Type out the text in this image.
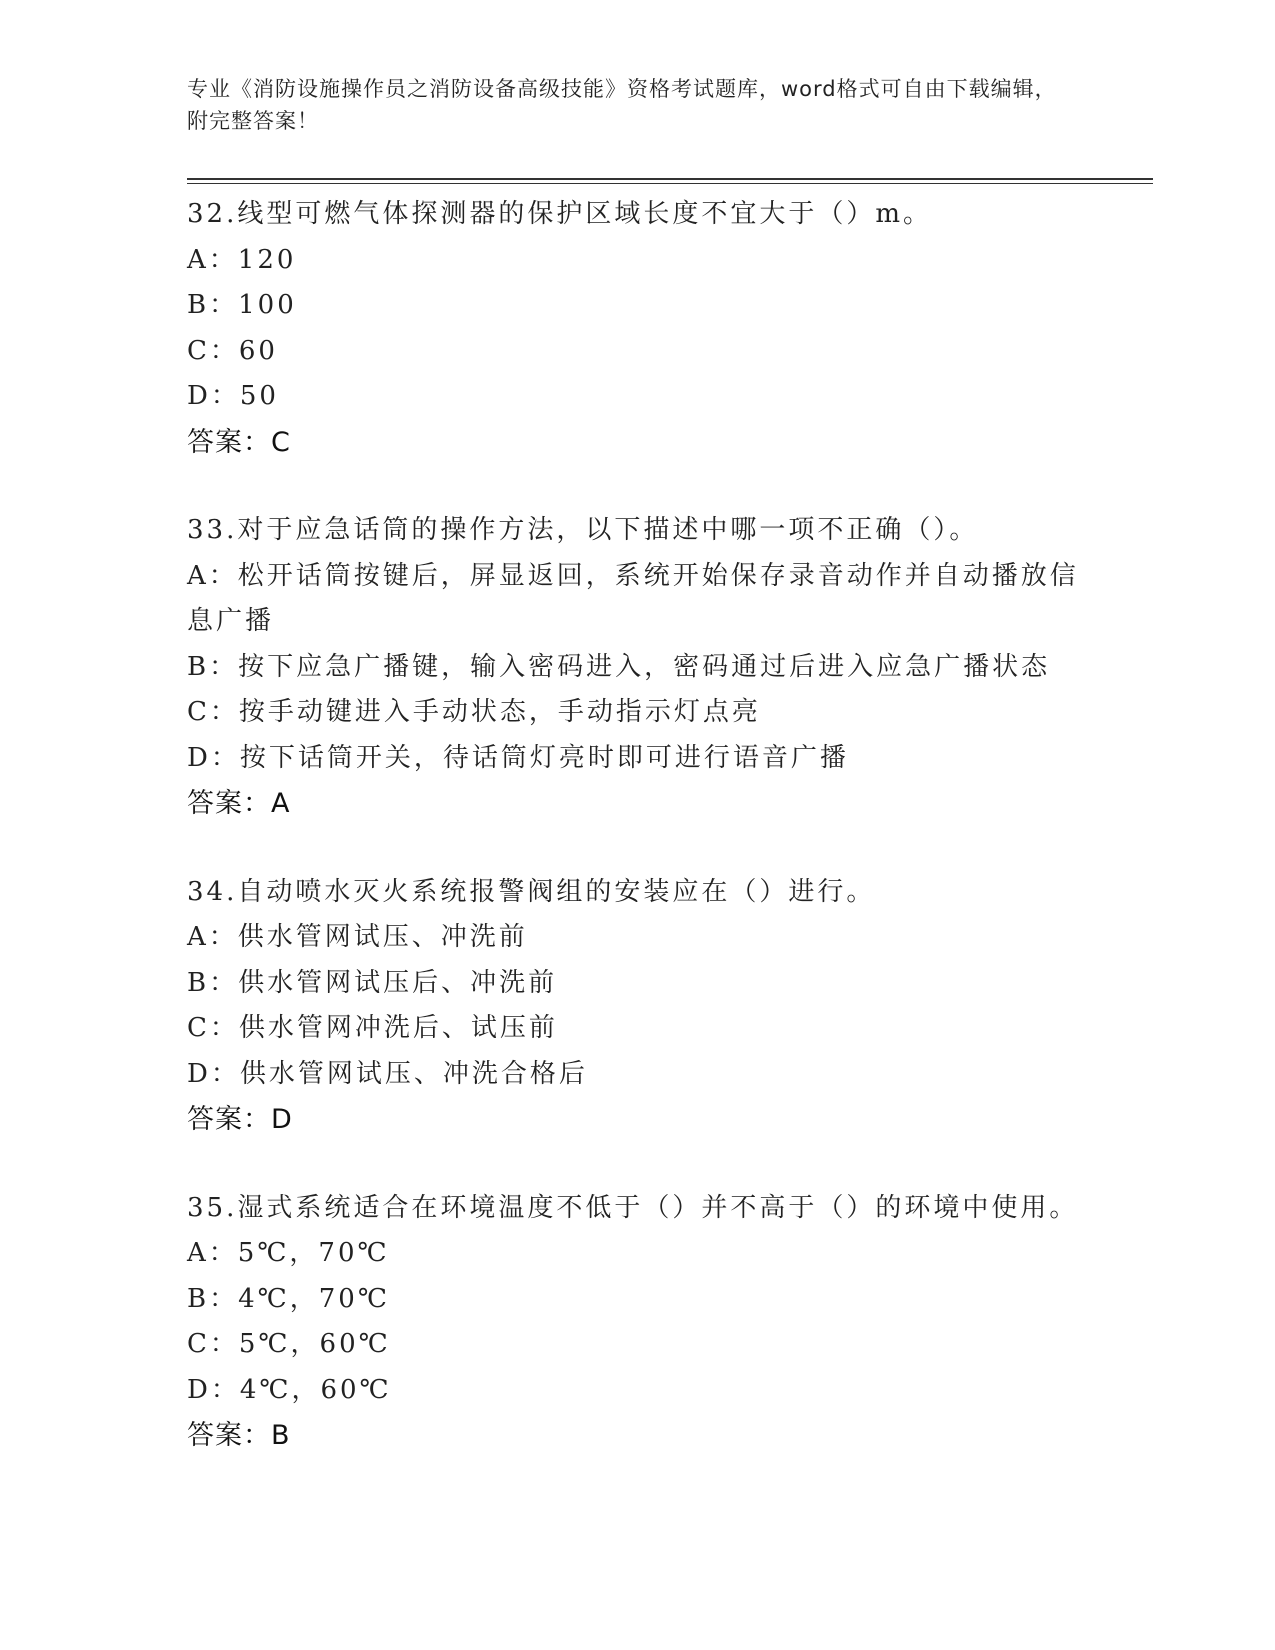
专业《消防设施操作员之消防设备高级技能》资格考试题库，word格式可自由下载编辑，附完整答案！
32.线型可燃气体探测器的保护区域长度不宜大于（）m。
A：120
B：100
C：60
D：50
答案：C
33.对于应急话筒的操作方法，以下描述中哪一项不正确（）。
A：松开话筒按键后，屏显返回，系统开始保存录音动作并自动播放信息广播
B：按下应急广播键，输入密码进入，密码通过后进入应急广播状态
C：按手动键进入手动状态，手动指示灯点亮
D：按下话筒开关，待话筒灯亮时即可进行语音广播
答案：A
34.自动喷水灭火系统报警阀组的安装应在（）进行。
A：供水管网试压、冲洗前
B：供水管网试压后、冲洗前
C：供水管网冲洗后、试压前
D：供水管网试压、冲洗合格后
答案：D
35.湿式系统适合在环境温度不低于（）并不高于（）的环境中使用。
A：5℃，70℃
B：4℃，70℃
C：5℃，60℃
D：4℃，60℃
答案：B
